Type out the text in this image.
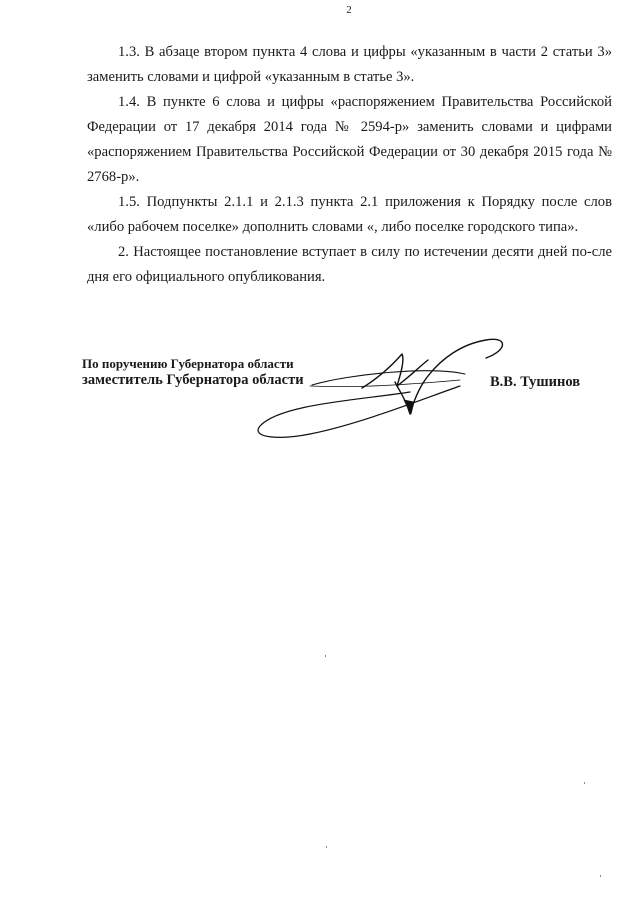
2

1.3. В абзаце втором пункта 4 слова и цифры «указанным в части 2 статьи 3» заменить словами и цифрой «указанным в статье 3».

1.4. В пункте 6 слова и цифры «распоряжением Правительства Российской Федерации от 17 декабря 2014 года № 2594-р» заменить словами и цифрами «распоряжением Правительства Российской Федерации от 30 декабря 2015 года № 2768-р».

1.5. Подпункты 2.1.1 и 2.1.3 пункта 2.1 приложения к Порядку после слов «либо рабочем поселке» дополнить словами «, либо поселке городского типа».

2. Настоящее постановление вступает в силу по истечении десяти дней по-сле дня его официального опубликования.

По поручению Губернатора области
заместитель Губернатора области	В.В. Тушинов
